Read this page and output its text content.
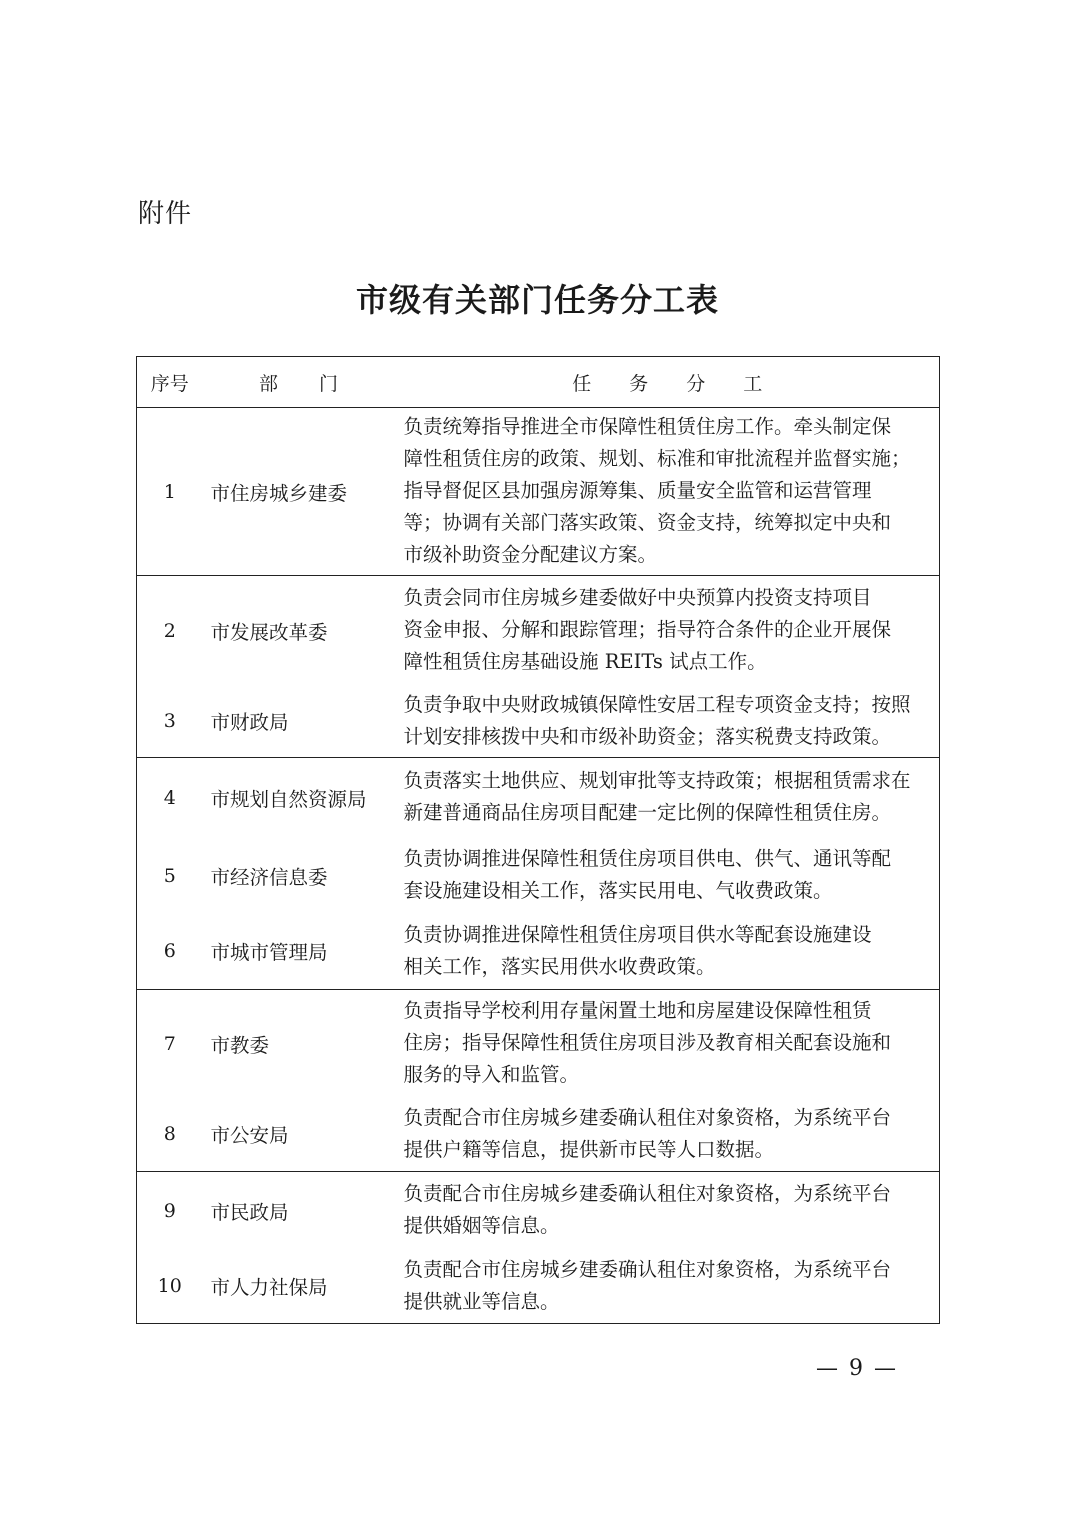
附件
市级有关部门任务分工表
序号	部　　门	任　　务　　分　　工
1	市住房城乡建委	负责统筹指导推进全市保障性租赁住房工作。牵头制定保
障性租赁住房的政策、规划、标准和审批流程并监督实施；
指导督促区县加强房源筹集、质量安全监管和运营管理
等；协调有关部门落实政策、资金支持，统筹拟定中央和
市级补助资金分配建议方案。

2	市发展改革委	负责会同市住房城乡建委做好中央预算内投资支持项目
资金申报、分解和跟踪管理；指导符合条件的企业开展保
障性租赁住房基础设施 REITs 试点工作。

3	市财政局	负责争取中央财政城镇保障性安居工程专项资金支持；按照
计划安排核拨中央和市级补助资金；落实税费支持政策。

4	市规划自然资源局	负责落实土地供应、规划审批等支持政策；根据租赁需求在
新建普通商品住房项目配建一定比例的保障性租赁住房。

5	市经济信息委	负责协调推进保障性租赁住房项目供电、供气、通讯等配
套设施建设相关工作，落实民用电、气收费政策。

6	市城市管理局	负责协调推进保障性租赁住房项目供水等配套设施建设
相关工作，落实民用供水收费政策。

7	市教委	负责指导学校利用存量闲置土地和房屋建设保障性租赁
住房；指导保障性租赁住房项目涉及教育相关配套设施和
服务的导入和监管。

8	市公安局	负责配合市住房城乡建委确认租住对象资格，为系统平台
提供户籍等信息，提供新市民等人口数据。

9	市民政局	负责配合市住房城乡建委确认租住对象资格，为系统平台
提供婚姻等信息。

10	市人力社保局	负责配合市住房城乡建委确认租住对象资格，为系统平台
提供就业等信息。
— 9 —
